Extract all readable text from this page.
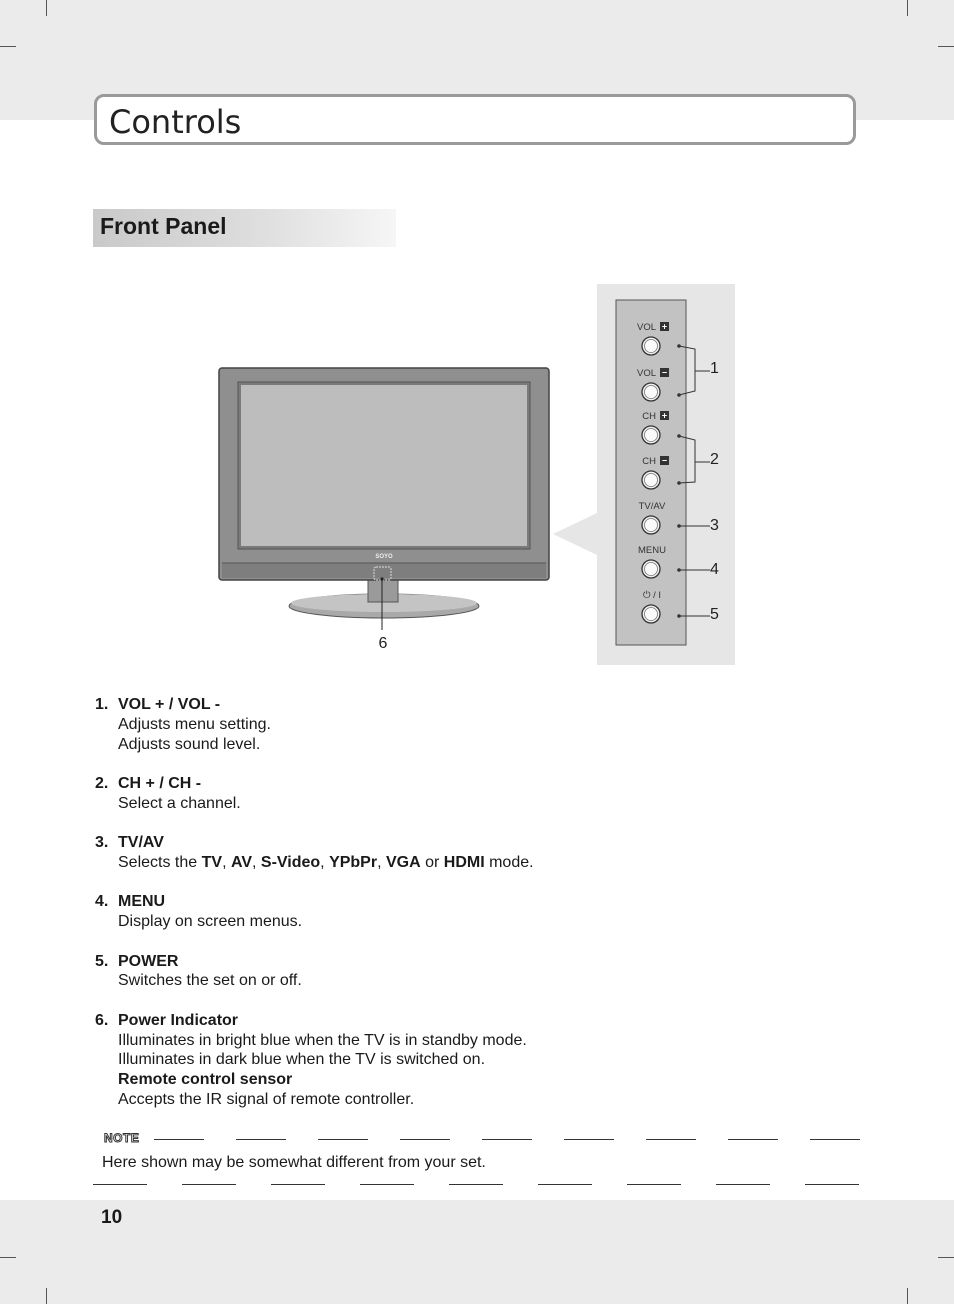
Controls
Front Panel
SOYO
6
VOL +
VOL −
CH +
CH −
TV/AV
MENU
⏻ / I
1
2
3
4
5
1. VOL + / VOL -
Adjusts menu setting.
Adjusts sound level.
2. CH + / CH -
Select a channel.
3. TV/AV
Selects the TV, AV, S-Video, YPbPr, VGA or HDMI mode.
4. MENU
Display on screen menus.
5. POWER
Switches the set on or off.
6. Power Indicator
Illuminates in bright blue when the TV is in standby mode.
Illuminates in dark blue when the TV is switched on.
Remote control sensor
Accepts the IR signal of remote controller.
NOTE
Here shown may be somewhat different from your set.
10
